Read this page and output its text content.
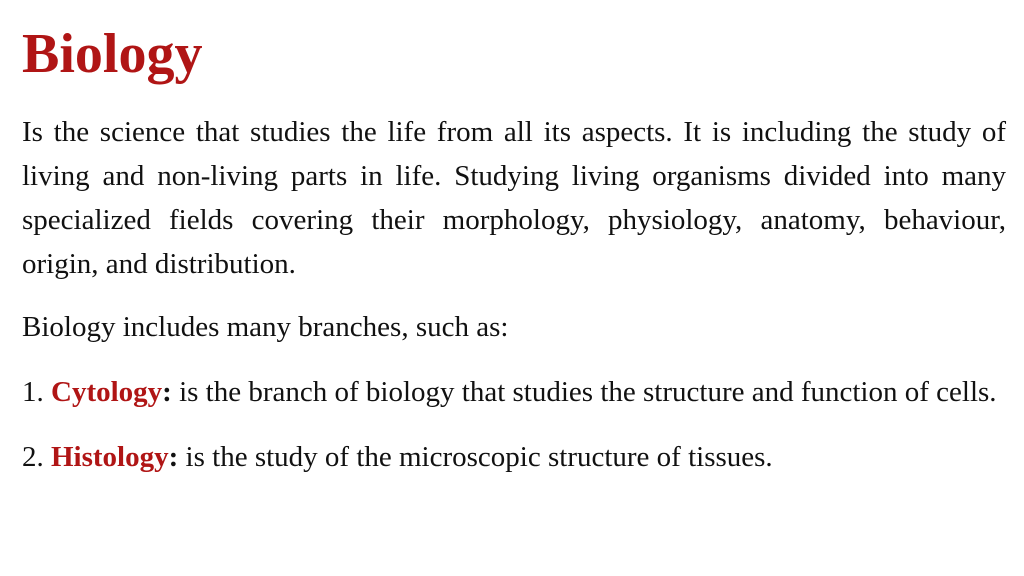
Biology

Is the science that studies the life from all its aspects. It is including the study of living and non-living parts in life. Studying living organisms divided into many specialized fields covering their morphology, physiology, anatomy, behaviour, origin, and distribution.

Biology includes many branches, such as:

1. Cytology: is the branch of biology that studies the structure and function of cells.

2. Histology: is the study of the microscopic structure of tissues.
